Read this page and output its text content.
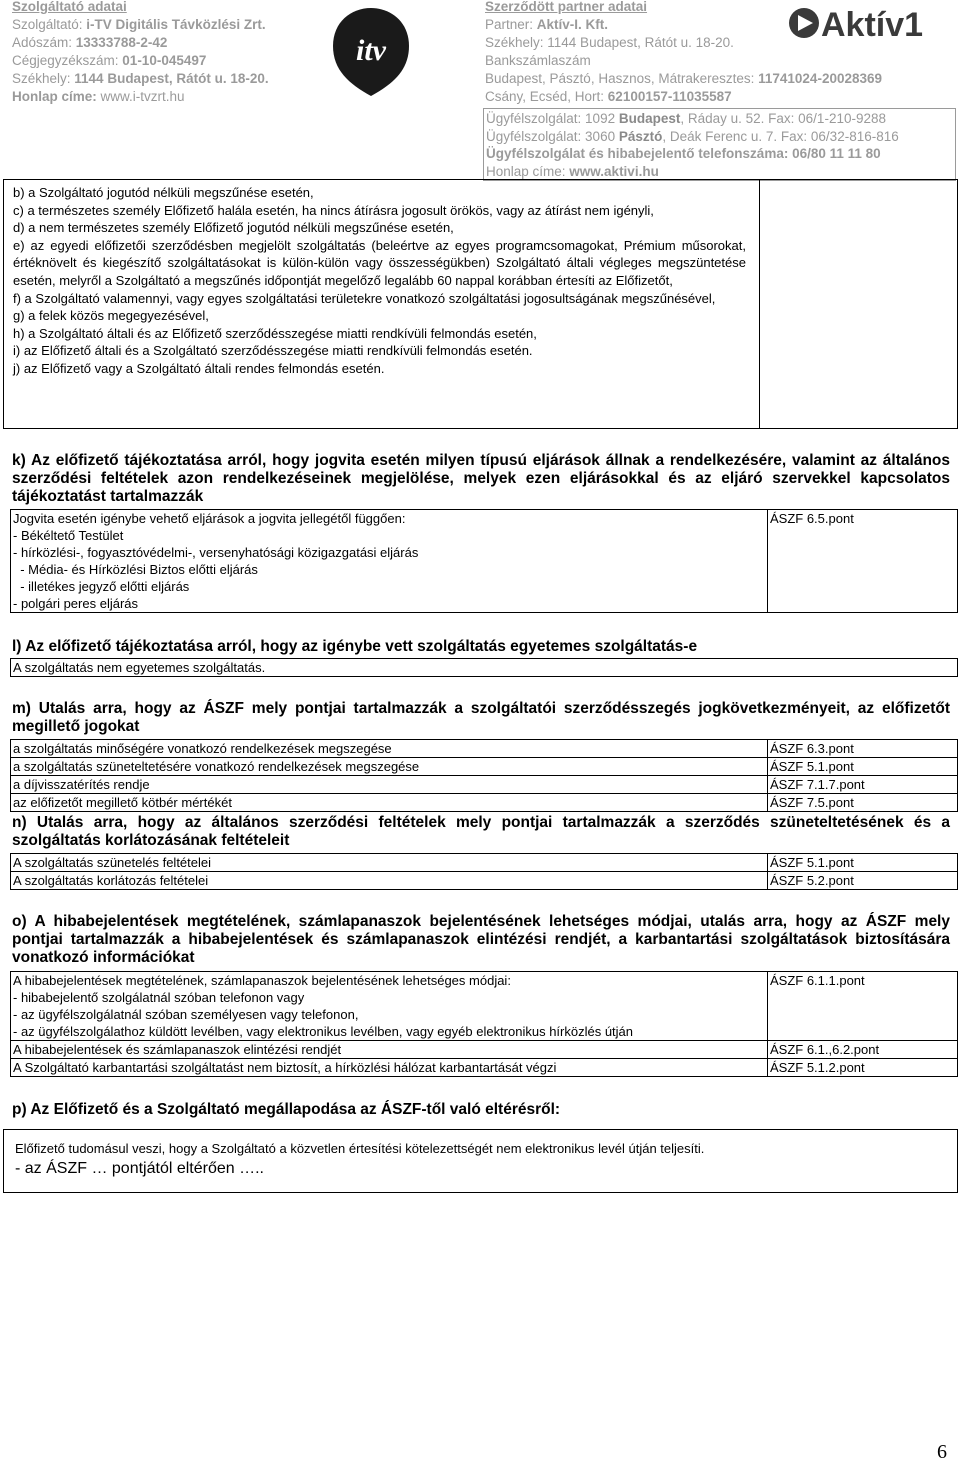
Szolgáltató adatai
Szolgáltató: i-TV Digitális Távközlési Zrt.
Adószám: 13333788-2-42
Cégjegyzékszám: 01-10-045497
Székhely: 1144 Budapest, Rátót u. 18-20.
Honlap címe: www.i-tvzrt.hu
itv
Szerződött partner adatai
Partner: Aktív-I. Kft.
Székhely: 1144 Budapest, Rátót u. 18-20.
Bankszámlaszám
Budapest, Pásztó, Hasznos, Mátrakeresztes: 11741024-20028369
Csány, Ecséd, Hort: 62100157-11035587
Aktív1
Ügyfélszolgálat: 1092 Budapest, Ráday u. 52. Fax: 06/1-210-9288
Ügyfélszolgálat: 3060 Pásztó, Deák Ferenc u. 7. Fax: 06/32-816-816
Ügyfélszolgálat és hibabejelentő telefonszáma: 06/80 11 11 80
Honlap címe: www.aktivi.hu
b) a Szolgáltató jogutód nélküli megszűnése esetén,
c) a természetes személy Előfizető halála esetén, ha nincs átírásra jogosult örökös, vagy az átírást nem igényli,
d) a nem természetes személy Előfizető jogutód nélküli megszűnése esetén,
e) az egyedi előfizetői szerződésben megjelölt szolgáltatás (beleértve az egyes programcsomagokat, Prémium műsorokat, értéknövelt és kiegészítő szolgáltatásokat is külön-külön vagy összességükben) Szolgáltató általi végleges megszüntetése esetén, melyről a Szolgáltató a megszűnés időpontját megelőző legalább 60 nappal korábban értesíti az Előfizetőt,
f) a Szolgáltató valamennyi, vagy egyes szolgáltatási területekre vonatkozó szolgáltatási jogosultságának megszűnésével,
g) a felek közös megegyezésével,
h) a Szolgáltató általi és az Előfizető szerződésszegése miatti rendkívüli felmondás esetén,
i) az Előfizető általi és a Szolgáltató szerződésszegése miatti rendkívüli felmondás esetén.
j) az Előfizető vagy a Szolgáltató általi rendes felmondás esetén.
k) Az előfizető tájékoztatása arról, hogy jogvita esetén milyen típusú eljárások állnak a rendelkezésére, valamint az általános szerződési feltételek azon rendelkezéseinek megjelölése, melyek ezen eljárásokkal és az eljáró szervekkel kapcsolatos tájékoztatást tartalmazzák
Jogvita esetén igénybe vehető eljárások a jogvita jellegétől függően:
- Békéltető Testület
- hírközlési-, fogyasztóvédelmi-, versenyhatósági közigazgatási eljárás
- Média- és Hírközlési Biztos előtti eljárás
- illetékes jegyző előtti eljárás
- polgári peres eljárás
	ÁSZF 6.5.pont
l) Az előfizető tájékoztatása arról, hogy az igénybe vett szolgáltatás egyetemes szolgáltatás-e
A szolgáltatás nem egyetemes szolgáltatás.
m) Utalás arra, hogy az ÁSZF mely pontjai tartalmazzák a szolgáltatói szerződésszegés jogkövetkezményeit, az előfizetőt megillető jogokat
a szolgáltatás minőségére vonatkozó rendelkezések megszegése	ÁSZF 6.3.pont
a szolgáltatás szüneteltetésére vonatkozó rendelkezések megszegése	ÁSZF 5.1.pont
a díjvisszatérítés rendje	ÁSZF 7.1.7.pont
az előfizetőt megillető kötbér mértékét	ÁSZF 7.5.pont
n) Utalás arra, hogy az általános szerződési feltételek mely pontjai tartalmazzák a szerződés szüneteltetésének és a szolgáltatás korlátozásának feltételeit
A szolgáltatás szünetelés feltételei	ÁSZF 5.1.pont
A szolgáltatás korlátozás feltételei	ÁSZF 5.2.pont
o) A hibabejelentések megtételének, számlapanaszok bejelentésének lehetséges módjai, utalás arra, hogy az ÁSZF mely pontjai tartalmazzák a hibabejelentések és számlapanaszok elintézési rendjét, a karbantartási szolgáltatások biztosítására vonatkozó információkat
A hibabejelentések megtételének, számlapanaszok bejelentésének lehetséges módjai:
- hibabejelentő szolgálatnál szóban telefonon vagy
- az ügyfélszolgálatnál szóban személyesen vagy telefonon,
- az ügyfélszolgálathoz küldött levélben, vagy elektronikus levélben, vagy egyéb elektronikus hírközlés útján	ÁSZF 6.1.1.pont
A hibabejelentések és számlapanaszok elintézési rendjét	ÁSZF 6.1.,6.2.pont
A Szolgáltató karbantartási szolgáltatást nem biztosít, a hírközlési hálózat karbantartását végzi	ÁSZF 5.1.2.pont
p) Az Előfizető és a Szolgáltató megállapodása az ÁSZF-től való eltérésről:
Előfizető tudomásul veszi, hogy a Szolgáltató a közvetlen értesítési kötelezettségét nem elektronikus levél útján teljesíti.
- az ÁSZF … pontjától eltérően …..
6
